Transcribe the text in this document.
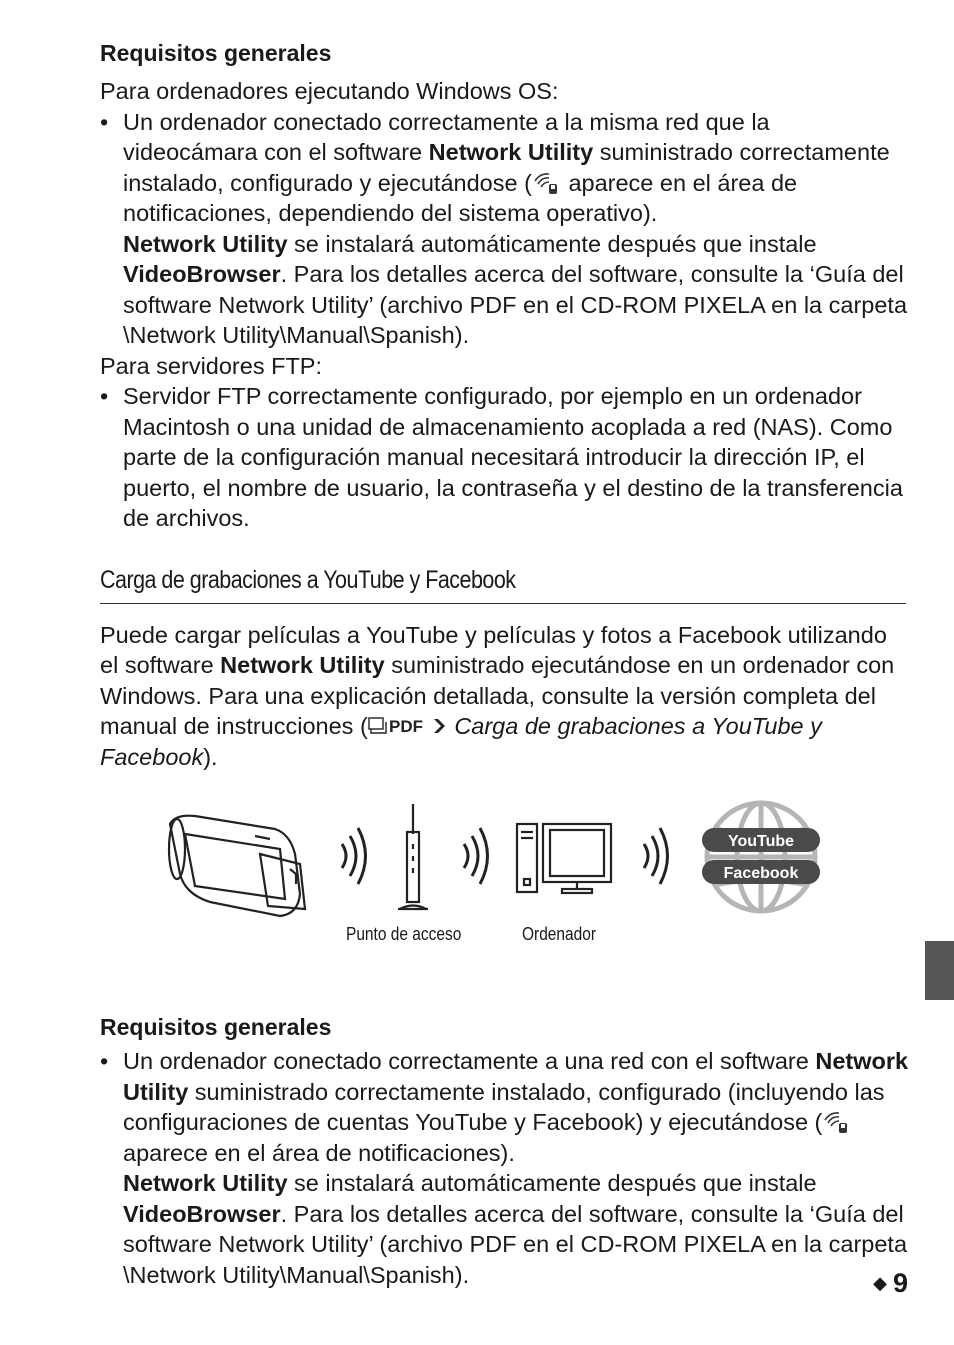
Requisitos generales

Para ordenadores ejecutando Windows OS:

• Un ordenador conectado correctamente a la misma red que la videocámara con el software Network Utility suministrado correctamente instalado, configurado y ejecutándose ( aparece en el área de notificaciones, dependiendo del sistema operativo).
Network Utility se instalará automáticamente después que instale VideoBrowser. Para los detalles acerca del software, consulte la ‘Guía del software Network Utility’ (archivo PDF en el CD-ROM PIXELA en la carpeta \Network Utility\Manual\Spanish).

Para servidores FTP:

• Servidor FTP correctamente configurado, por ejemplo en un ordenador Macintosh o una unidad de almacenamiento acoplada a red (NAS). Como parte de la configuración manual necesitará introducir la dirección IP, el puerto, el nombre de usuario, la contraseña y el destino de la transferencia de archivos.
Carga de grabaciones a YouTube y Facebook

Puede cargar películas a YouTube y películas y fotos a Facebook utilizando el software Network Utility suministrado ejecutándose en un ordenador con Windows. Para una explicación detallada, consulte la versión completa del manual de instrucciones ( PDF Carga de grabaciones a YouTube y Facebook).

YouTube
Facebook
Punto de acceso	Ordenador

Requisitos generales

• Un ordenador conectado correctamente a una red con el software Network Utility suministrado correctamente instalado, configurado (incluyendo las configuraciones de cuentas YouTube y Facebook) y ejecutándose ( aparece en el área de notificaciones).
Network Utility se instalará automáticamente después que instale VideoBrowser. Para los detalles acerca del software, consulte la ‘Guía del software Network Utility’ (archivo PDF en el CD-ROM PIXELA en la carpeta \Network Utility\Manual\Spanish).	◆ 9
